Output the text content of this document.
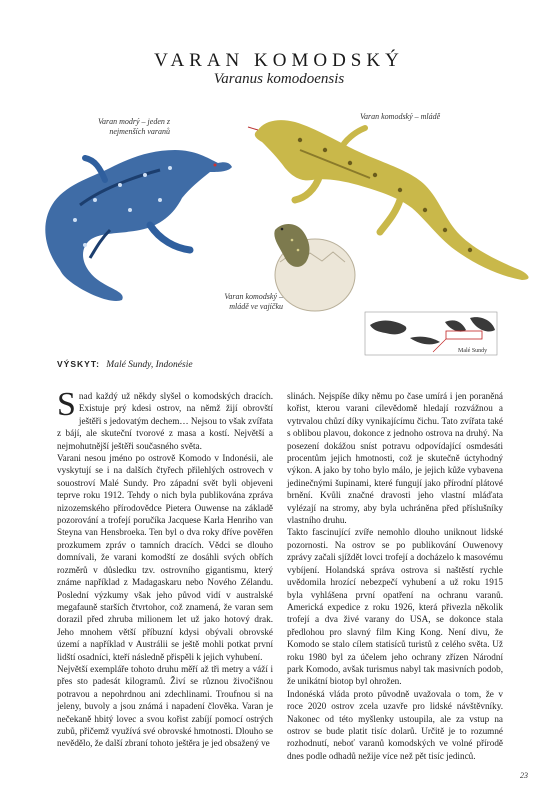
VARAN KOMODSKÝ
Varanus komodoensis
Varan modrý – jeden z nejmenších varanů
Varan komodský – mládě
Varan komodský – mládě ve vajíčku
Malé Sundy
VÝSKYT: Malé Sundy, Indonésie

Snad každý už někdy slyšel o komodských dracích. Existuje prý kdesi ostrov, na němž žijí obrovští ještěři s jedovatým dechem… Nejsou to však zvířata z bájí, ale skuteční tvorové z masa a kostí. Největší a nejmohutnější ještěři současného světa.

Varani nesou jméno po ostrově Komodo v Indonésii, ale vyskytují se i na dalších čtyřech přilehlých ostrovech v souostroví Malé Sundy. Pro západní svět byli objeveni teprve roku 1912. Tehdy o nich byla publikována zpráva nizozemského přírodovědce Pietera Ouwense na základě pozorování a trofejí poručíka Jacquese Karla Henriho van Steyna van Hensbroeka. Ten byl o dva roky dříve pověřen prozkumem zpráv o tamních dracích. Vědci se dlouho domnívali, že varani komodští ze dosáhli svých obřích rozměrů v důsledku tzv. ostrovního gigantismu, který známe například z Madagaskaru nebo Nového Zélandu. Poslední výzkumy však jeho původ vidí v australské megafauně starších čtvrtohor, což znamená, že varan sem dorazil před zhruba milionem let už jako hotový drak. Jeho mnohem větší příbuzní kdysi obývali obrovské území a například v Austrálii se ještě mohli potkat první lidští osadníci, kteří následně přispěli k jejich vyhubení.

Největší exempláře tohoto druhu měří až tři metry a váží i přes sto padesát kilogramů. Živí se různou živočišnou potravou a nepohrdnou ani zdechlinami. Troufnou si na jeleny, buvoly a jsou známá i napadení člověka. Varan je nečekaně hbitý lovec a svou kořist zabíjí pomocí ostrých zubů, přičemž využívá své obrovské hmotnosti. Dlouho se nevědělo, že další zbraní tohoto ještěra je jed obsažený ve

slinách. Nejspíše díky němu po čase umírá i jen poraněná kořist, kterou varani cílevědomě hledají rozvážnou a vytrvalou chůzí díky vynikajícímu čichu. Tato zvířata také s oblibou plavou, dokonce z jednoho ostrova na druhý. Na posezení dokážou sníst potravu odpovídající osmdesáti procentům jejich hmotnosti, což je skutečně úctyhodný výkon. A jako by toho bylo málo, je jejich kůže vybavena jedinečnými šupinami, které fungují jako přírodní plátové brnění. Kvůli značné dravosti jeho vlastní mláďata vylézají na stromy, aby byla uchráněna před příslušníky vlastního druhu.

Takto fascinující zvíře nemohlo dlouho uniknout lidské pozornosti. Na ostrov se po publikování Ouwenovy zprávy začali sjíždět lovci trofejí a docházelo k masovému vybíjení. Holandská správa ostrova si naštěstí rychle uvědomila hrozící nebezpečí vyhubení a už roku 1915 byla vyhlášena první opatření na ochranu varanů. Americká expedice z roku 1926, která přivezla několik trofejí a dva živé varany do USA, se dokonce stala předlohou pro slavný film King Kong. Není divu, že Komodo se stalo cílem statisíců turistů z celého světa. Už roku 1980 byl za účelem jeho ochrany zřízen Národní park Komodo, avšak turismus nabyl tak masivních podob, že unikátní biotop byl ohrožen.

Indonéská vláda proto původně uvažovala o tom, že v roce 2020 ostrov zcela uzavře pro lidské návštěvníky. Nakonec od této myšlenky ustoupila, ale za vstup na ostrov se bude platit tisíc dolarů. Určitě je to rozumné rozhodnutí, neboť varanů komodských ve volné přírodě dnes podle odhadů nežije více než pět tisíc jedinců.

23
